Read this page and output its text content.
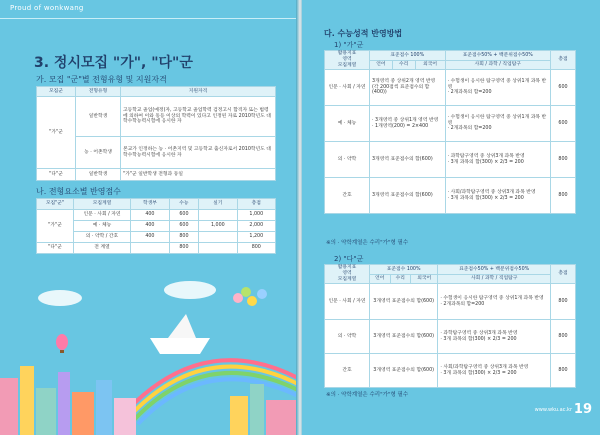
Proud of wonkwang
3. 정시모집 "가", "다"군
가. 모집 "군"별 전형유형 및 지원자격
모집군	전형유형	지원자격
"가"군	일반학생	고등학교 졸업(예정)자, 고등학교 졸업학력 검정고시 합격자 또는 법령에 의하여 이와 동등 이상의 학력이 있다고 인정된 자로 2010학년도 대학수학능력시험에 응시한 자
	농 · 어촌학생	본교가 인정하는 농 · 어촌지역 및 고등학교 출신자로서 2010학년도 대학수학능력시험에 응시한 자
"다"군	일반학생	"가"군 일반학생 전형과 동일
나. 전형요소별 반영점수
모집"군"	모집계열	학생부	수능	실기	총점
"가"군	인문 · 사회 / 자연	400	600		1,000
	예 · 체능	400	600	1,000	2,000
	의 · 약학 / 간호	400	800		1,200
"다"군	전 계열		800		800
다. 수능성적 반영방법
1) "가"군
활용지표
영역
모집계열	표준점수 100%			표준점수50% + 백분위점수50%	총점
	언어	수리	외국어	사회 / 과학 / 직업탐구	
인문 · 사회 / 자연	3개영역 중 상위2개 영역 반영
(각 200점씩 표준점수의 합(400))			· 수험생이 응시한 탐구영역 중 상위1개 과목 반영
· 2개과목의 합=200	600
예 · 체능	· 3개영역 중 상위1개 영역 반영
· 1개영역(200) = 2×400			· 수험생이 응시한 탐구영역 중 상위1개 과목 반영
· 2개과목의 합=200	600
의 · 약학	3개영역 표준점수의 합(600)			· 과학탐구영역 중 상위3개 과목 반영
· 3개 과목의 합(300) × 2/3 = 200	800
간호	3개영역 표준점수의 합(600)			· 사회/과학탐구영역 중 상위3개 과목 반영
· 3개 과목의 합(300) × 2/3 = 200	800
※의 · 약학계열은 수리"가"형 필수
2) "다"군
활용지표
영역
모집계열	표준점수 100%			표준점수50% + 백분위점수50%	총점
	언어	수리	외국어	사회 / 과학 / 직업탐구	
인문 · 사회 / 자연	3개영역 표준점수의 합(600)			· 수험생이 응시한 탐구영역 중 상위1개 과목 반영
· 2개과목의 합=200	800
의 · 약학	3개영역 표준점수의 합(600)			· 과학탐구영역 중 상위3개 과목 반영
· 3개 과목의 합(300) × 2/3 = 200	800
간호	3개영역 표준점수의 합(600)			· 사회/과학탐구영역 중 상위3개 과목 반영
· 3개 과목의 합(300) × 2/3 = 200	800
※의 · 약학계열은 수리"가"형 필수
www.wku.ac.kr 19
